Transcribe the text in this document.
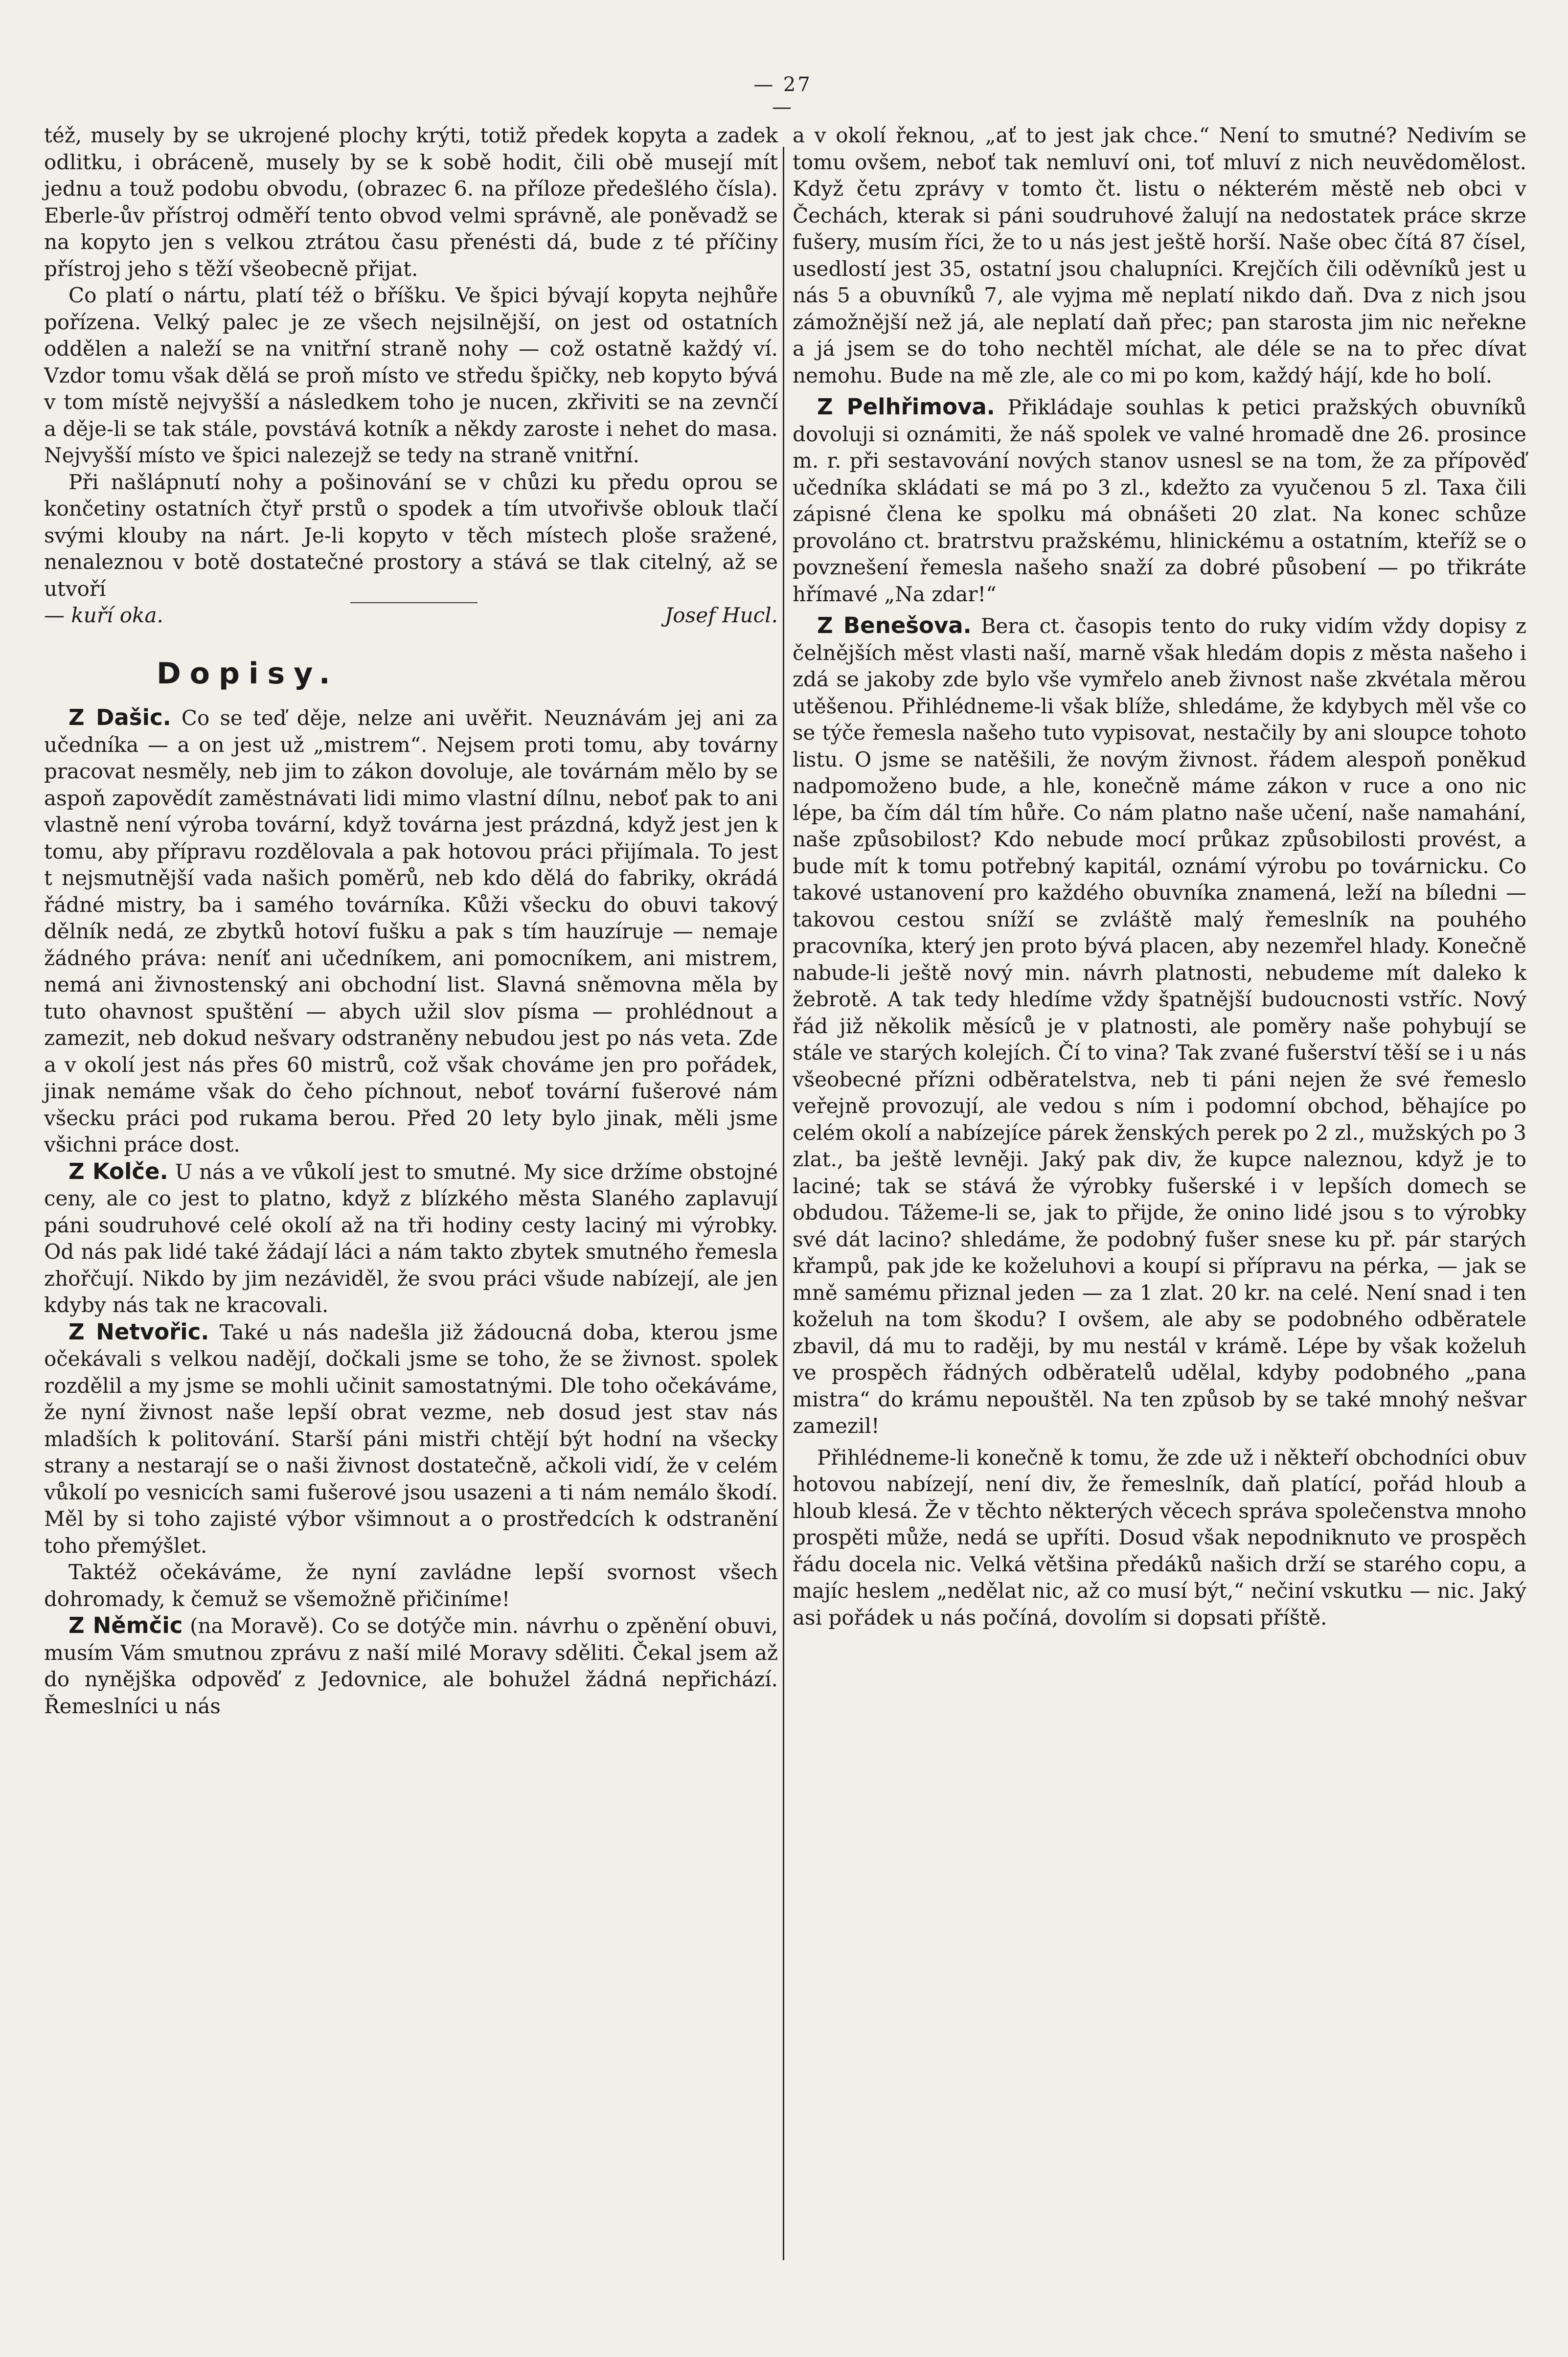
— 27 —

též, musely by se ukrojené plochy krýti, totiž předek kopyta a zadek odlitku, i obráceně, musely by se k sobě hodit, čili obě musejí mít jednu a touž podobu obvodu, (obrazec 6. na příloze předešlého čísla). Eberle-ův přístroj odměří tento obvod velmi správně, ale poněvadž se na kopyto jen s velkou ztrátou času přenésti dá, bude z té příčiny přístroj jeho s těží všeobecně přijat.

Co platí o nártu, platí též o bříšku. Ve špici bývají kopyta nejhůře pořízena. Velký palec je ze všech nejsilnější, on jest od ostatních oddělen a naleží se na vnitřní straně nohy — což ostatně každý ví. Vzdor tomu však dělá se proň místo ve středu špičky, neb kopyto bývá v tom místě nejvyšší a následkem toho je nucen, zkřiviti se na zevnčí a děje-li se tak stále, povstává kotník a někdy zaroste i nehet do masa. Nejvyšší místo ve špici nalezejž se tedy na straně vnitřní.

Při našlápnutí nohy a pošinování se v chůzi ku předu oprou se končetiny ostatních čtyř prstů o spodek a tím utvořivše oblouk tlačí svými klouby na nárt. Je-li kopyto v těch místech ploše sražené, nenaleznou v botě dostatečné prostory a stává se tlak citelný, až se utvoří

— kuří oka.	Josef Hucl.
Dopisy.

Z Dašic. Co se teď děje, nelze ani uvěřit. Neuznávám jej ani za učedníka — a on jest už „mistrem“. Nejsem proti tomu, aby továrny pracovat nesměly, neb jim to zákon dovoluje, ale továrnám mělo by se aspoň zapovědít zaměstnávati lidi mimo vlastní dílnu, neboť pak to ani vlastně není výroba tovární, když továrna jest prázdná, když jest jen k tomu, aby přípravu rozdělovala a pak hotovou práci přijímala. To jest t nejsmutnější vada našich poměrů, neb kdo dělá do fabriky, okrádá řádné mistry, ba i samého továrníka. Kůži všecku do obuvi takový dělník nedá, ze zbytků hotoví fušku a pak s tím hauzíruje — nemaje žádného práva: neníť ani učedníkem, ani pomocníkem, ani mistrem, nemá ani živnostenský ani obchodní list. Slavná sněmovna měla by tuto ohavnost spuštění — abych užil slov písma — prohlédnout a zamezit, neb dokud nešvary odstraněny nebudou jest po nás veta. Zde a v okolí jest nás přes 60 mistrů, což však chováme jen pro pořádek, jinak nemáme však do čeho píchnout, neboť tovární fušerové nám všecku práci pod rukama berou. Před 20 lety bylo jinak, měli jsme všichni práce dost.

Z Kolče. U nás a ve vůkolí jest to smutné. My sice držíme obstojné ceny, ale co jest to platno, když z blízkého města Slaného zaplavují páni soudruhové celé okolí až na tři hodiny cesty laciný mi výrobky. Od nás pak lidé také žádají láci a nám takto zbytek smutného řemesla zhořčují. Nikdo by jim nezáviděl, že svou práci všude nabízejí, ale jen kdyby nás tak ne kracovali.

Z Netvořic. Také u nás nadešla již žádoucná doba, kterou jsme očekávali s velkou nadějí, dočkali jsme se toho, že se živnost. spolek rozdělil a my jsme se mohli učinit samostatnými. Dle toho očekáváme, že nyní živnost naše lepší obrat vezme, neb dosud jest stav nás mladších k politování. Starší páni mistři chtějí být hodní na všecky strany a nestarají se o naši živnost dostatečně, ačkoli vidí, že v celém vůkolí po vesnicích sami fušerové jsou usazeni a ti nám nemálo škodí. Měl by si toho zajisté výbor všimnout a o prostředcích k odstranění toho přemýšlet.

Taktéž očekáváme, že nyní zavládne lepší svornost všech dohromady, k čemuž se všemožně přičiníme!

Z Němčic (na Moravě). Co se dotýče min. návrhu o zpěnění obuvi, musím Vám smutnou zprávu z naší milé Moravy sděliti. Čekal jsem až do nynějška odpověď z Jedovnice, ale bohužel žádná nepřichází. Řemeslníci u nás

a v okolí řeknou, „ať to jest jak chce.“ Není to smutné? Nedivím se tomu ovšem, neboť tak nemluví oni, toť mluví z nich neuvědomělost. Když četu zprávy v tomto čt. listu o nékterém městě neb obci v Čechách, kterak si páni soudruhové žalují na nedostatek práce skrze fušery, musím říci, že to u nás jest ještě horší. Naše obec čítá 87 čísel, usedlostí jest 35, ostatní jsou chalupníci. Krejčích čili oděvníků jest u nás 5 a obuvníků 7, ale vyjma mě neplatí nikdo daň. Dva z nich jsou zámožnější než já, ale neplatí daň přec; pan starosta jim nic neřekne a já jsem se do toho nechtěl míchat, ale déle se na to přec dívat nemohu. Bude na mě zle, ale co mi po kom, každý hájí, kde ho bolí.

Z Pelhřimova. Přikládaje souhlas k petici pražských obuvníků dovoluji si oznámiti, že náš spolek ve valné hromadě dne 26. prosince m. r. při sestavování nových stanov usnesl se na tom, že za přípověď učedníka skládati se má po 3 zl., kdežto za vyučenou 5 zl. Taxa čili zápisné člena ke spolku má obnášeti 20 zlat. Na konec schůze provoláno ct. bratrstvu pražskému, hlinickému a ostatním, kteříž se o povznešení řemesla našeho snaží za dobré působení — po třikráte hřímavé „Na zdar!“

Z Benešova. Bera ct. časopis tento do ruky vidím vždy dopisy z čelnějších měst vlasti naší, marně však hledám dopis z města našeho i zdá se jakoby zde bylo vše vymřelo aneb živnost naše zkvétala měrou utěšenou. Přihlédneme-li však blíže, shledáme, že kdybych měl vše co se týče řemesla našeho tuto vypisovat, nestačily by ani sloupce tohoto listu. O jsme se natěšili, že novým živnost. řádem alespoň poněkud nadpomoženo bude, a hle, konečně máme zákon v ruce a ono nic lépe, ba čím dál tím hůře. Co nám platno naše učení, naše namahání, naše způsobilost? Kdo nebude mocí průkaz způsobilosti provést, a bude mít k tomu potřebný kapitál, oznámí výrobu po továrnicku. Co takové ustanovení pro každého obuvníka znamená, leží na bíledni — takovou cestou sníží se zvláště malý řemeslník na pouhého pracovníka, který jen proto bývá placen, aby nezemřel hlady. Konečně nabude-li ještě nový min. návrh platnosti, nebudeme mít daleko k žebrotě. A tak tedy hledíme vždy špatnější budoucnosti vstříc. Nový řád již několik měsíců je v platnosti, ale poměry naše pohybují se stále ve starých kolejích. Čí to vina? Tak zvané fušerství těší se i u nás všeobecné přízni odběratelstva, neb ti páni nejen že své řemeslo veřejně provozují, ale vedou s ním i podomní obchod, běhajíce po celém okolí a nabízejíce párek ženských perek po 2 zl., mužských po 3 zlat., ba ještě levněji. Jaký pak div, že kupce naleznou, když je to laciné; tak se stává že výrobky fušerské i v lepších domech se obdudou. Tážeme-li se, jak to přijde, že onino lidé jsou s to výrobky své dát lacino? shledáme, že podobný fušer snese ku př. pár starých křampů, pak jde ke koželuhovi a koupí si přípravu na pérka, — jak se mně samému přiznal jeden — za 1 zlat. 20 kr. na celé. Není snad i ten koželuh na tom škodu? I ovšem, ale aby se podobného odběratele zbavil, dá mu to raději, by mu nestál v krámě. Lépe by však koželuh ve prospěch řádných odběratelů udělal, kdyby podobného „pana mistra“ do krámu nepouštěl. Na ten způsob by se také mnohý nešvar zamezil!

Přihlédneme-li konečně k tomu, že zde už i někteří obchodníci obuv hotovou nabízejí, není div, že řemeslník, daň platící, pořád hloub a hloub klesá. Že v těchto některých věcech správa společenstva mnoho prospěti může, nedá se upříti. Dosud však nepodniknuto ve prospěch řádu docela nic. Velká většina předáků našich drží se starého copu, a majíc heslem „nedělat nic, až co musí být,“ nečiní vskutku — nic. Jaký asi pořádek u nás počíná, dovolím si dopsati příště.
